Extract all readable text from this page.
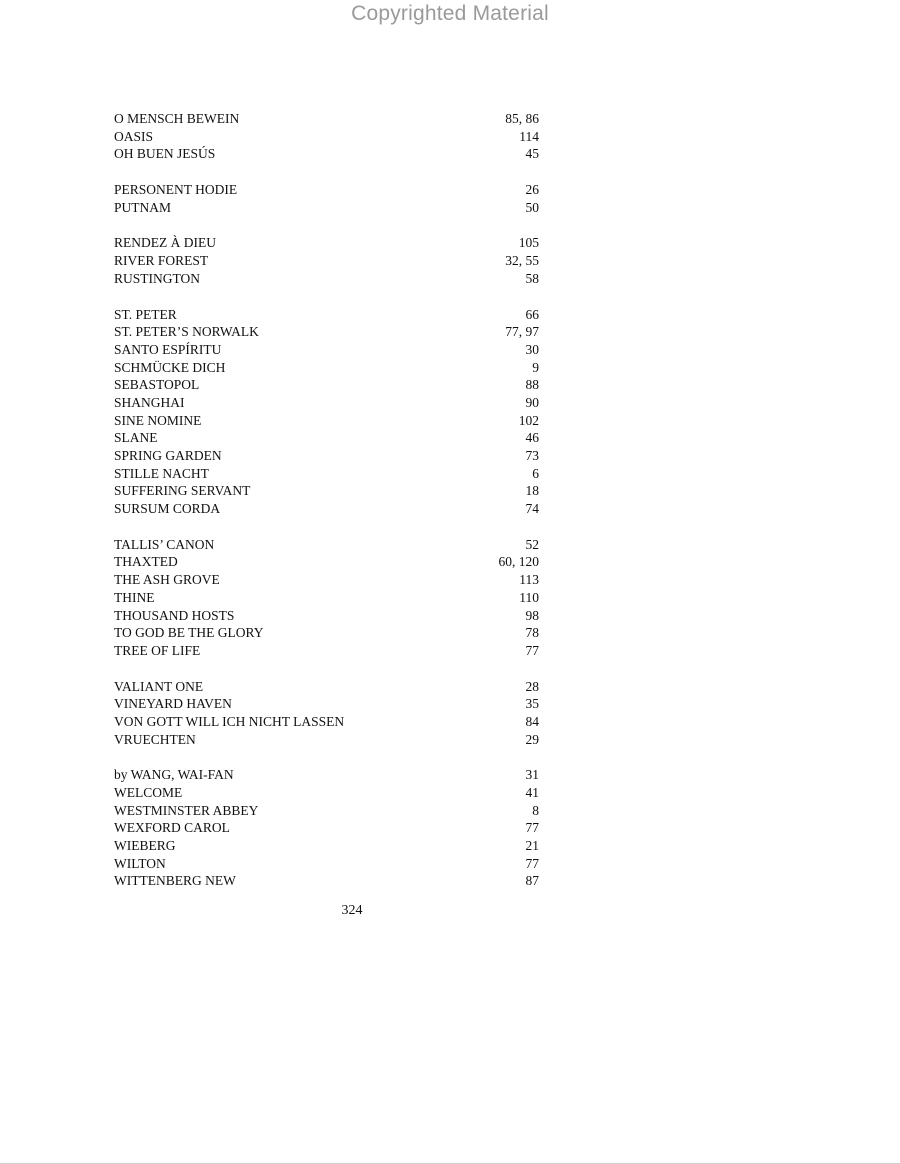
Copyrighted Material
O MENSCH BEWEIN	85, 86
OASIS	114
OH BUEN JESÚS	45
PERSONENT HODIE	26
PUTNAM	50
RENDEZ À DIEU	105
RIVER FOREST	32, 55
RUSTINGTON	58
ST. PETER	66
ST. PETER’S NORWALK	77, 97
SANTO ESPÍRITU	30
SCHMÜCKE DICH	9
SEBASTOPOL	88
SHANGHAI	90
SINE NOMINE	102
SLANE	46
SPRING GARDEN	73
STILLE NACHT	6
SUFFERING SERVANT	18
SURSUM CORDA	74
TALLIS’ CANON	52
THAXTED	60, 120
THE ASH GROVE	113
THINE	110
THOUSAND HOSTS	98
TO GOD BE THE GLORY	78
TREE OF LIFE	77
VALIANT ONE	28
VINEYARD HAVEN	35
VON GOTT WILL ICH NICHT LASSEN	84
VRUECHTEN	29
by WANG, WAI-FAN	31
WELCOME	41
WESTMINSTER ABBEY	8
WEXFORD CAROL	77
WIEBERG	21
WILTON	77
WITTENBERG NEW	87
324
